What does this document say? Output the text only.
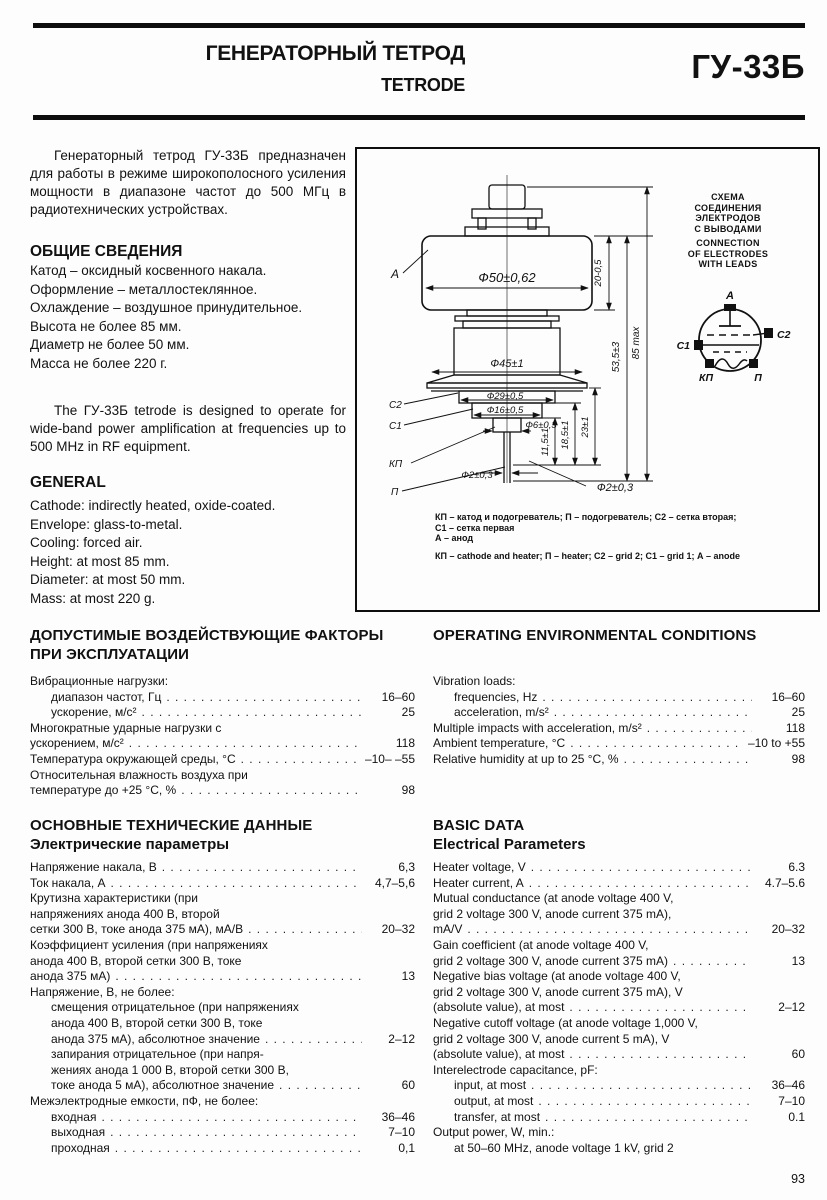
ГЕНЕРАТОРНЫЙ ТЕТРОД
TETRODE	ГУ-33Б
Генераторный тетрод ГУ-33Б предназначен для работы в режиме широкополосного усиления мощности в диапазоне частот до 500 МГц в радиотехнических устройствах.
ОБЩИЕ СВЕДЕНИЯ
Катод – оксидный косвенного накала.
Оформление – металлостеклянное.
Охлаждение – воздушное принудительное.
Высота не более 85 мм.
Диаметр не более 50 мм.
Масса не более 220 г.
The ГУ-33Б tetrode is designed to operate for wide-band power amplification at frequencies up to 500 MHz in RF equipment.
GENERAL
Cathode: indirectly heated, oxide-coated.
Envelope: glass-to-metal.
Cooling: forced air.
Height: at most 85 mm.
Diameter: at most 50 mm.
Mass: at most 220 g.
Ф50±0,62
А
Ф45±1
Ф29±0,5
Ф16±0,5
Ф6±0,3
Ф2±0,3
Ф2±0,3
20-0,5
53,5±3 85 max
23±1
18,5±1
11,5±1
С2
С1
КП
П
А
С1
С2
КП	П
СХЕМА
СОЕДИНЕНИЯ
ЭЛЕКТРОДОВ
С ВЫВОДАМИ
CONNECTION
OF ELECTRODES
WITH LEADS
КП – катод и подогреватель; П – подогреватель; С2 – сетка вторая;
С1 – сетка первая
А – анод
КП – cathode and heater; П – heater; С2 – grid 2; С1 – grid 1; А – anode
ДОПУСТИМЫЕ ВОЗДЕЙСТВУЮЩИЕ ФАКТОРЫ
ПРИ ЭКСПЛУАТАЦИИ
Вибрационные нагрузки:
диапазон частот, Гц . . .	16–60
ускорение, м/с² . . .	25
Многократные ударные нагрузки с
ускорением, м/с² . . .	118
Температура окружающей среды, °С . . .	–10– –55
Относительная влажность воздуха при
температуре до +25 °С, % . . .	98
OPERATING ENVIRONMENTAL CONDITIONS
Vibration loads:
frequencies, Hz . . .	16–60
acceleration, m/s² . . .	25
Multiple impacts with acceleration, m/s² . . .	118
Ambient temperature, °C . . .	–10 to +55
Relative humidity at up to 25 °C, % . . .	98
ОСНОВНЫЕ ТЕХНИЧЕСКИЕ ДАННЫЕ
Электрические параметры
Напряжение накала, В . . .	6,3
Ток накала, А . . .	4,7–5,6
Крутизна характеристики (при
напряжениях анода 400 В, второй
сетки 300 В, токе анода 375 мА), мА/В . . .	20–32
Коэффициент усиления (при напряжениях
анода 400 В, второй сетки 300 В, токе
анода 375 мА) . . .	13
Напряжение, В, не более:
смещения отрицательное (при напряжениях
анода 400 В, второй сетки 300 В, токе
анода 375 мА), абсолютное значение . . .	2–12
запирания отрицательное (при напря-
жениях анода 1 000 В, второй сетки 300 В,
токе анода 5 мА), абсолютное значение . . .	60
Межэлектродные емкости, пФ, не более:
входная . . .	36–46
выходная . . .	7–10
проходная . . .	0,1
BASIC DATA
Electrical Parameters
Heater voltage, V . . .	6.3
Heater current, A . . .	4.7–5.6
Mutual conductance (at anode voltage 400 V,
grid 2 voltage 300 V, anode current 375 mA),
mA/V . . .	20–32
Gain coefficient (at anode voltage 400 V,
grid 2 voltage 300 V, anode current 375 mA) . . .	13
Negative bias voltage (at anode voltage 400 V,
grid 2 voltage 300 V, anode current 375 mA), V
(absolute value), at most . . .	2–12
Negative cutoff voltage (at anode voltage 1,000 V,
grid 2 voltage 300 V, anode current 5 mA), V
(absolute value), at most . . .	60
Interelectrode capacitance, pF:
input, at most . . .	36–46
output, at most . . .	7–10
transfer, at most . . .	0.1
Output power, W, min.:
at 50–60 MHz, anode voltage 1 kV, grid 2
93
